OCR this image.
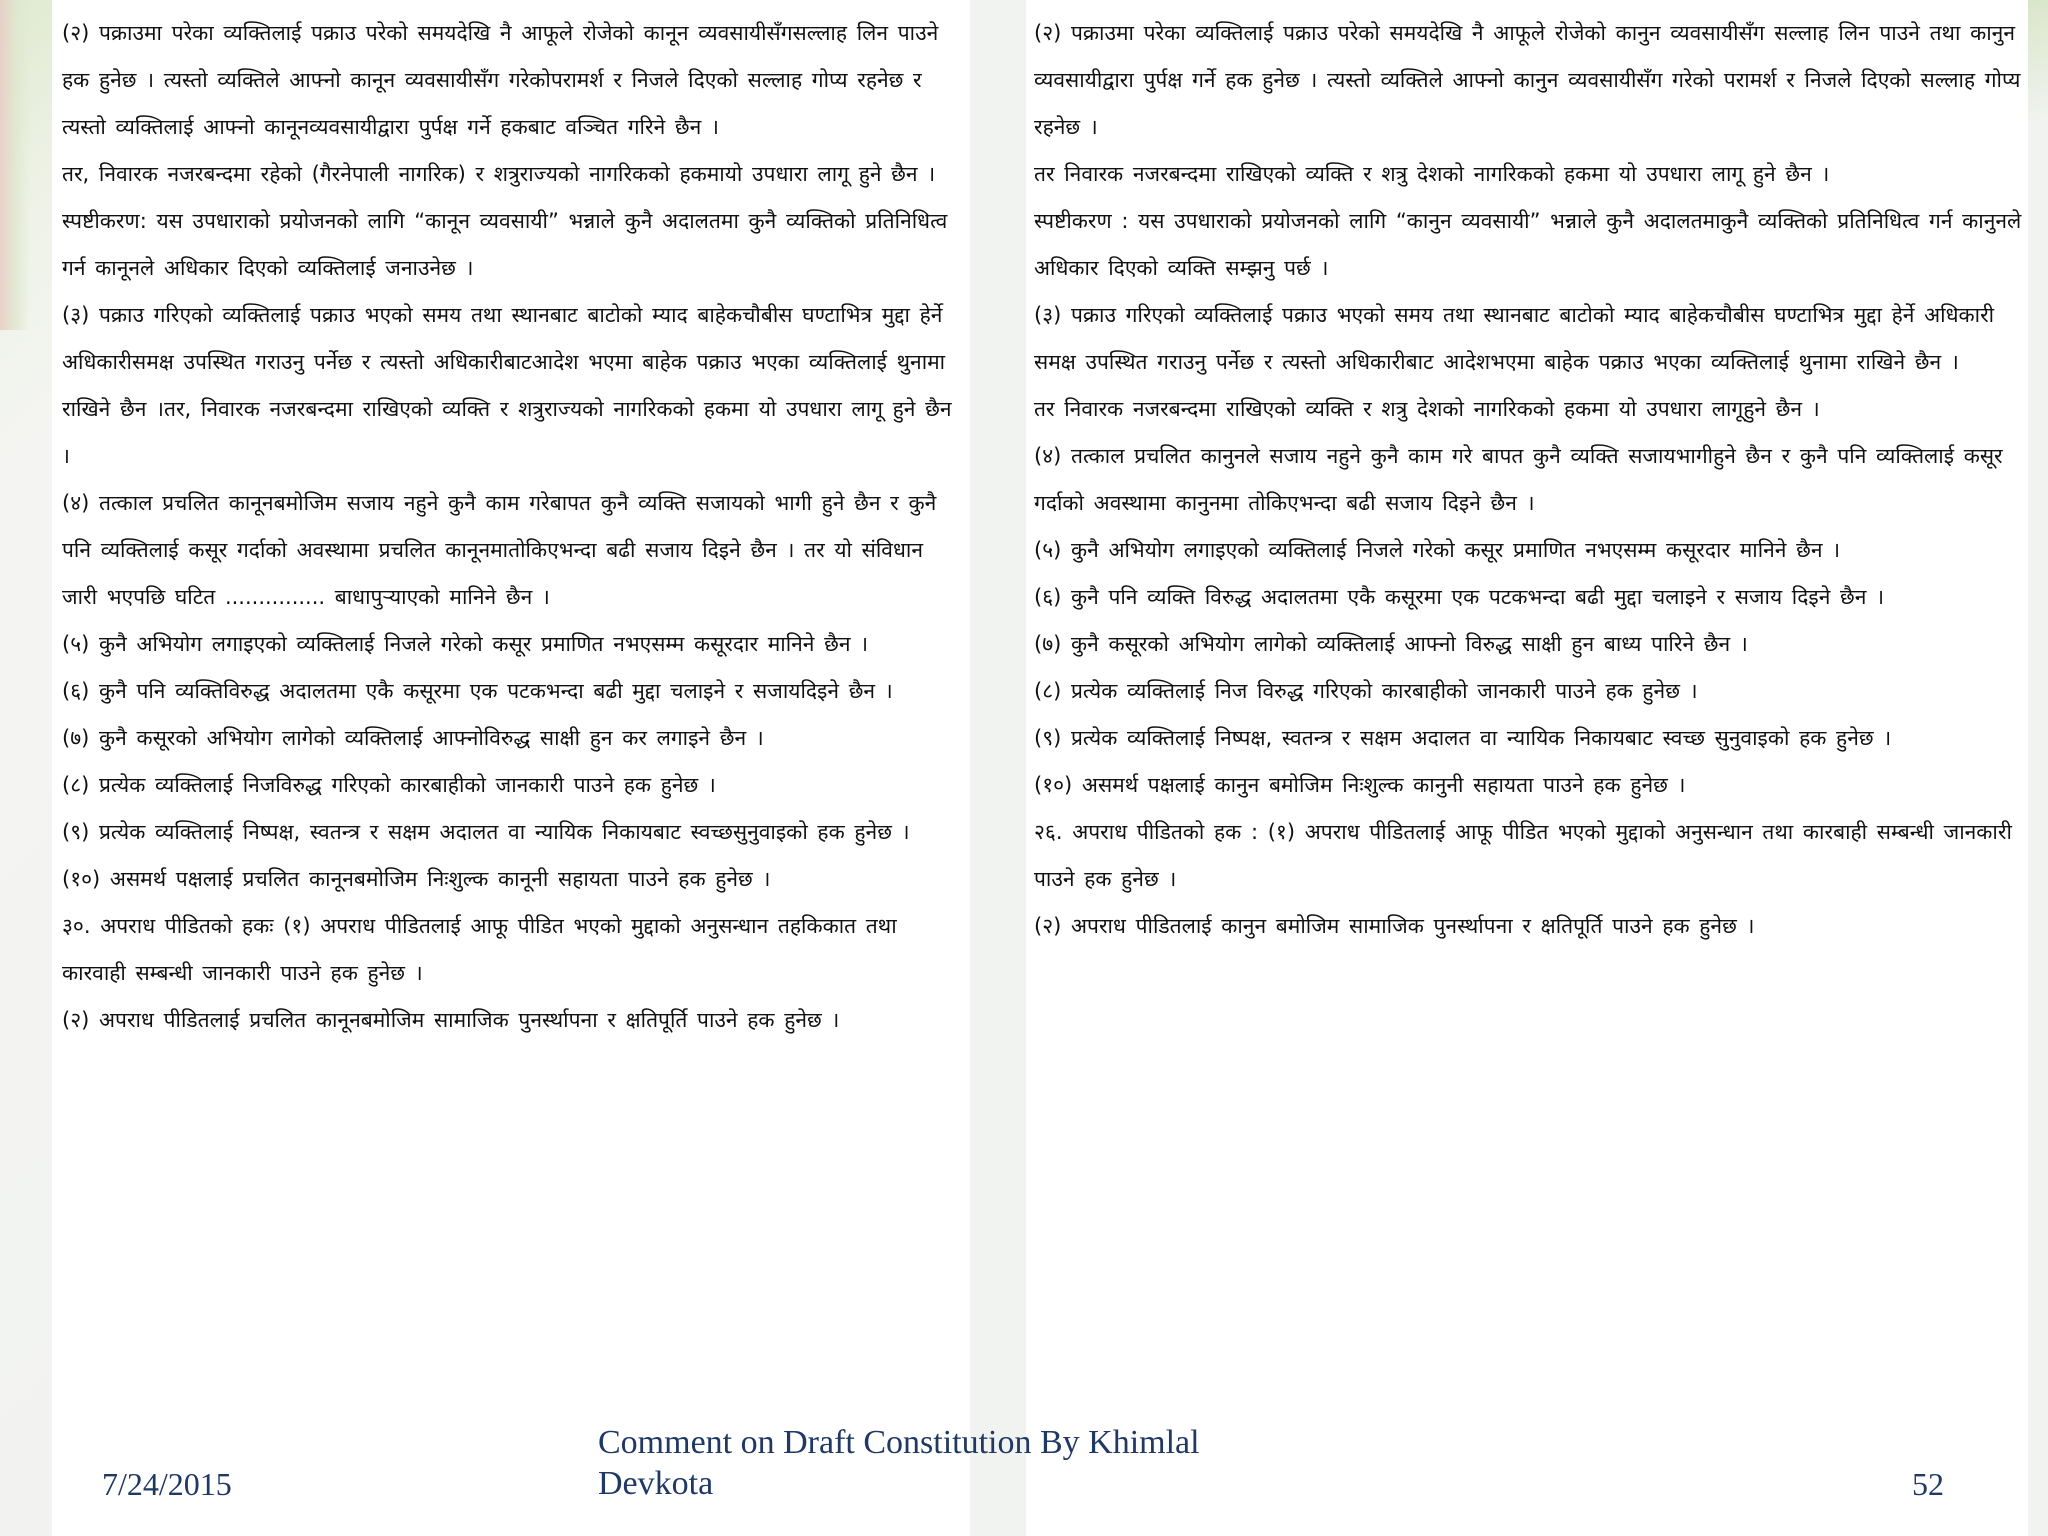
(२) पक्राउमा परेका व्यक्तिलाई पक्राउ परेको समयदेखि नै आफूले रोजेको कानून व्यवसायीसँगसल्लाह लिन पाउने हक हुनेछ । त्यस्तो व्यक्तिले आफ्नो कानून व्यवसायीसँग गरेकोपरामर्श र निजले दिएको सल्लाह गोप्य रहनेछ र त्यस्तो व्यक्तिलाई आफ्नो कानूनव्यवसायीद्वारा पुर्पक्ष गर्ने हकबाट वञ्चित गरिने छैन ।

तर, निवारक नजरबन्दमा रहेको (गैरनेपाली नागरिक) र शत्रुराज्यको नागरिकको हकमायो उपधारा लागू हुने छैन ।

स्पष्टीकरण: यस उपधाराको प्रयोजनको लागि “कानून व्यवसायी” भन्नाले कुनै अदालतमा कुनै व्यक्तिको प्रतिनिधित्व गर्न कानूनले अधिकार दिएको व्यक्तिलाई जनाउनेछ ।

(३) पक्राउ गरिएको व्यक्तिलाई पक्राउ भएको समय तथा स्थानबाट बाटोको म्याद बाहेकचौबीस घण्टाभित्र मुद्दा हेर्ने अधिकारीसमक्ष उपस्थित गराउनु पर्नेछ र त्यस्तो अधिकारीबाटआदेश भएमा बाहेक पक्राउ भएका व्यक्तिलाई थुनामा राखिने छैन ।तर, निवारक नजरबन्दमा राखिएको व्यक्ति र शत्रुराज्यको नागरिकको हकमा यो उपधारा लागू हुने छैन ।

(४) तत्काल प्रचलित कानूनबमोजिम सजाय नहुने कुनै काम गरेबापत कुनै व्यक्ति सजायको भागी हुने छैन र कुनै पनि व्यक्तिलाई कसूर गर्दाको अवस्थामा प्रचलित कानूनमातोकिएभन्दा बढी सजाय दिइने छैन । तर यो संविधान जारी भएपछि घटित ............... बाधापुऱ्याएको मानिने छैन ।

(५) कुनै अभियोग लगाइएको व्यक्तिलाई निजले गरेको कसूर प्रमाणित नभएसम्म कसूरदार मानिने छैन ।

(६) कुनै पनि व्यक्तिविरुद्ध अदालतमा एकै कसूरमा एक पटकभन्दा बढी मुद्दा चलाइने र सजायदिइने छैन ।

(७) कुनै कसूरको अभियोग लागेको व्यक्तिलाई आफ्नोविरुद्ध साक्षी हुन कर लगाइने छैन ।

(८) प्रत्येक व्यक्तिलाई निजविरुद्ध गरिएको कारबाहीको जानकारी पाउने हक हुनेछ ।

(९) प्रत्येक व्यक्तिलाई निष्पक्ष, स्वतन्त्र र सक्षम अदालत वा न्यायिक निकायबाट स्वच्छसुनुवाइको हक हुनेछ ।

(१०) असमर्थ पक्षलाई प्रचलित कानूनबमोजिम निःशुल्क कानूनी सहायता पाउने हक हुनेछ ।

३०. अपराध पीडितको हकः (१) अपराध पीडितलाई आफू पीडित भएको मुद्दाको अनुसन्धान तहकिकात तथा कारवाही सम्बन्धी जानकारी पाउने हक हुनेछ ।

(२) अपराध पीडितलाई प्रचलित कानूनबमोजिम सामाजिक पुनर्स्थापना र क्षतिपूर्ति पाउने हक हुनेछ ।

(२) पक्राउमा परेका व्यक्तिलाई पक्राउ परेको समयदेखि नै आफूले रोजेको कानुन व्यवसायीसँग सल्लाह लिन पाउने तथा कानुन व्यवसायीद्वारा पुर्पक्ष गर्ने हक हुनेछ । त्यस्तो व्यक्तिले आफ्नो कानुन व्यवसायीसँग गरेको परामर्श र निजले दिएको सल्लाह गोप्य रहनेछ ।

तर निवारक नजरबन्दमा राखिएको व्यक्ति र शत्रु देशको नागरिकको हकमा यो उपधारा लागू हुने छैन ।

स्पष्टीकरण : यस उपधाराको प्रयोजनको लागि “कानुन व्यवसायी” भन्नाले कुनै अदालतमाकुनै व्यक्तिको प्रतिनिधित्व गर्न कानुनले अधिकार दिएको व्यक्ति सम्झनु पर्छ ।

(३) पक्राउ गरिएको व्यक्तिलाई पक्राउ भएको समय तथा स्थानबाट बाटोको म्याद बाहेकचौबीस घण्टाभित्र मुद्दा हेर्ने अधिकारी समक्ष उपस्थित गराउनु पर्नेछ र त्यस्तो अधिकारीबाट आदेशभएमा बाहेक पक्राउ भएका व्यक्तिलाई थुनामा राखिने छैन ।

तर निवारक नजरबन्दमा राखिएको व्यक्ति र शत्रु देशको नागरिकको हकमा यो उपधारा लागूहुने छैन ।

(४) तत्काल प्रचलित कानुनले सजाय नहुने कुनै काम गरे बापत कुनै व्यक्ति सजायभागीहुने छैन र कुनै पनि व्यक्तिलाई कसूर गर्दाको अवस्थामा कानुनमा तोकिएभन्दा बढी सजाय दिइने छैन ।

(५) कुनै अभियोग लगाइएको व्यक्तिलाई निजले गरेको कसूर प्रमाणित नभएसम्म कसूरदार मानिने छैन ।

(६) कुनै पनि व्यक्ति विरुद्ध अदालतमा एकै कसूरमा एक पटकभन्दा बढी मुद्दा चलाइने र सजाय दिइने छैन ।

(७) कुनै कसूरको अभियोग लागेको व्यक्तिलाई आफ्नो विरुद्ध साक्षी हुन बाध्य पारिने छैन ।

(८) प्रत्येक व्यक्तिलाई निज विरुद्ध गरिएको कारबाहीको जानकारी पाउने हक हुनेछ ।

(९) प्रत्येक व्यक्तिलाई निष्पक्ष, स्वतन्त्र र सक्षम अदालत वा न्यायिक निकायबाट स्वच्छ सुनुवाइको हक हुनेछ ।

(१०) असमर्थ पक्षलाई कानुन बमोजिम निःशुल्क कानुनी सहायता पाउने हक हुनेछ ।

२६. अपराध पीडितको हक : (१) अपराध पीडितलाई आफू पीडित भएको मुद्दाको अनुसन्धान तथा कारबाही सम्बन्धी जानकारी पाउने हक हुनेछ ।

(२) अपराध पीडितलाई कानुन बमोजिम सामाजिक पुनर्स्थापना र क्षतिपूर्ति पाउने हक हुनेछ ।

7/24/2015
Comment on Draft Constitution By Khimlal Devkota	52
